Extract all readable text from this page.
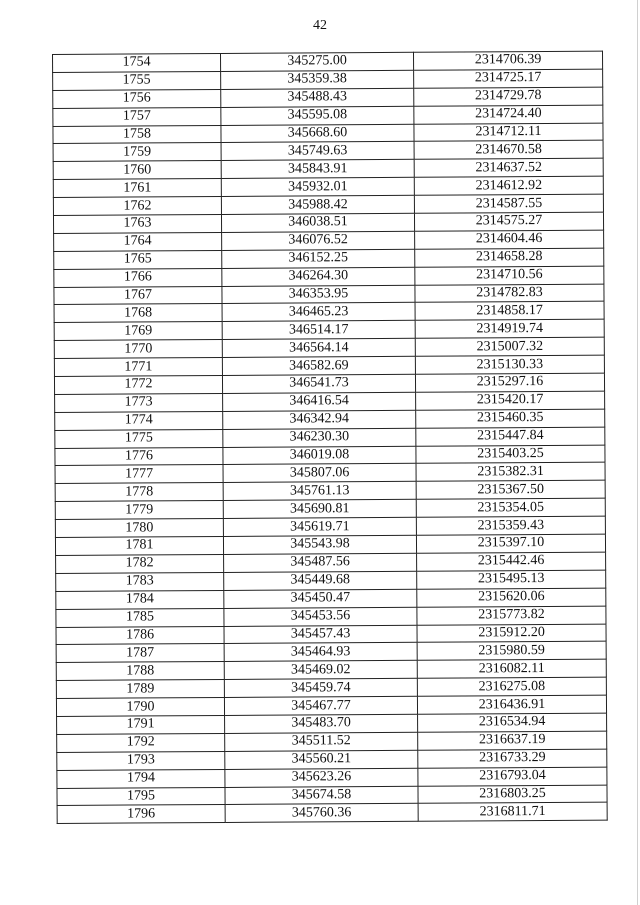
42
1754	345275.00	2314706.39
1755	345359.38	2314725.17
1756	345488.43	2314729.78
1757	345595.08	2314724.40
1758	345668.60	2314712.11
1759	345749.63	2314670.58
1760	345843.91	2314637.52
1761	345932.01	2314612.92
1762	345988.42	2314587.55
1763	346038.51	2314575.27
1764	346076.52	2314604.46
1765	346152.25	2314658.28
1766	346264.30	2314710.56
1767	346353.95	2314782.83
1768	346465.23	2314858.17
1769	346514.17	2314919.74
1770	346564.14	2315007.32
1771	346582.69	2315130.33
1772	346541.73	2315297.16
1773	346416.54	2315420.17
1774	346342.94	2315460.35
1775	346230.30	2315447.84
1776	346019.08	2315403.25
1777	345807.06	2315382.31
1778	345761.13	2315367.50
1779	345690.81	2315354.05
1780	345619.71	2315359.43
1781	345543.98	2315397.10
1782	345487.56	2315442.46
1783	345449.68	2315495.13
1784	345450.47	2315620.06
1785	345453.56	2315773.82
1786	345457.43	2315912.20
1787	345464.93	2315980.59
1788	345469.02	2316082.11
1789	345459.74	2316275.08
1790	345467.77	2316436.91
1791	345483.70	2316534.94
1792	345511.52	2316637.19
1793	345560.21	2316733.29
1794	345623.26	2316793.04
1795	345674.58	2316803.25
1796	345760.36	2316811.71
